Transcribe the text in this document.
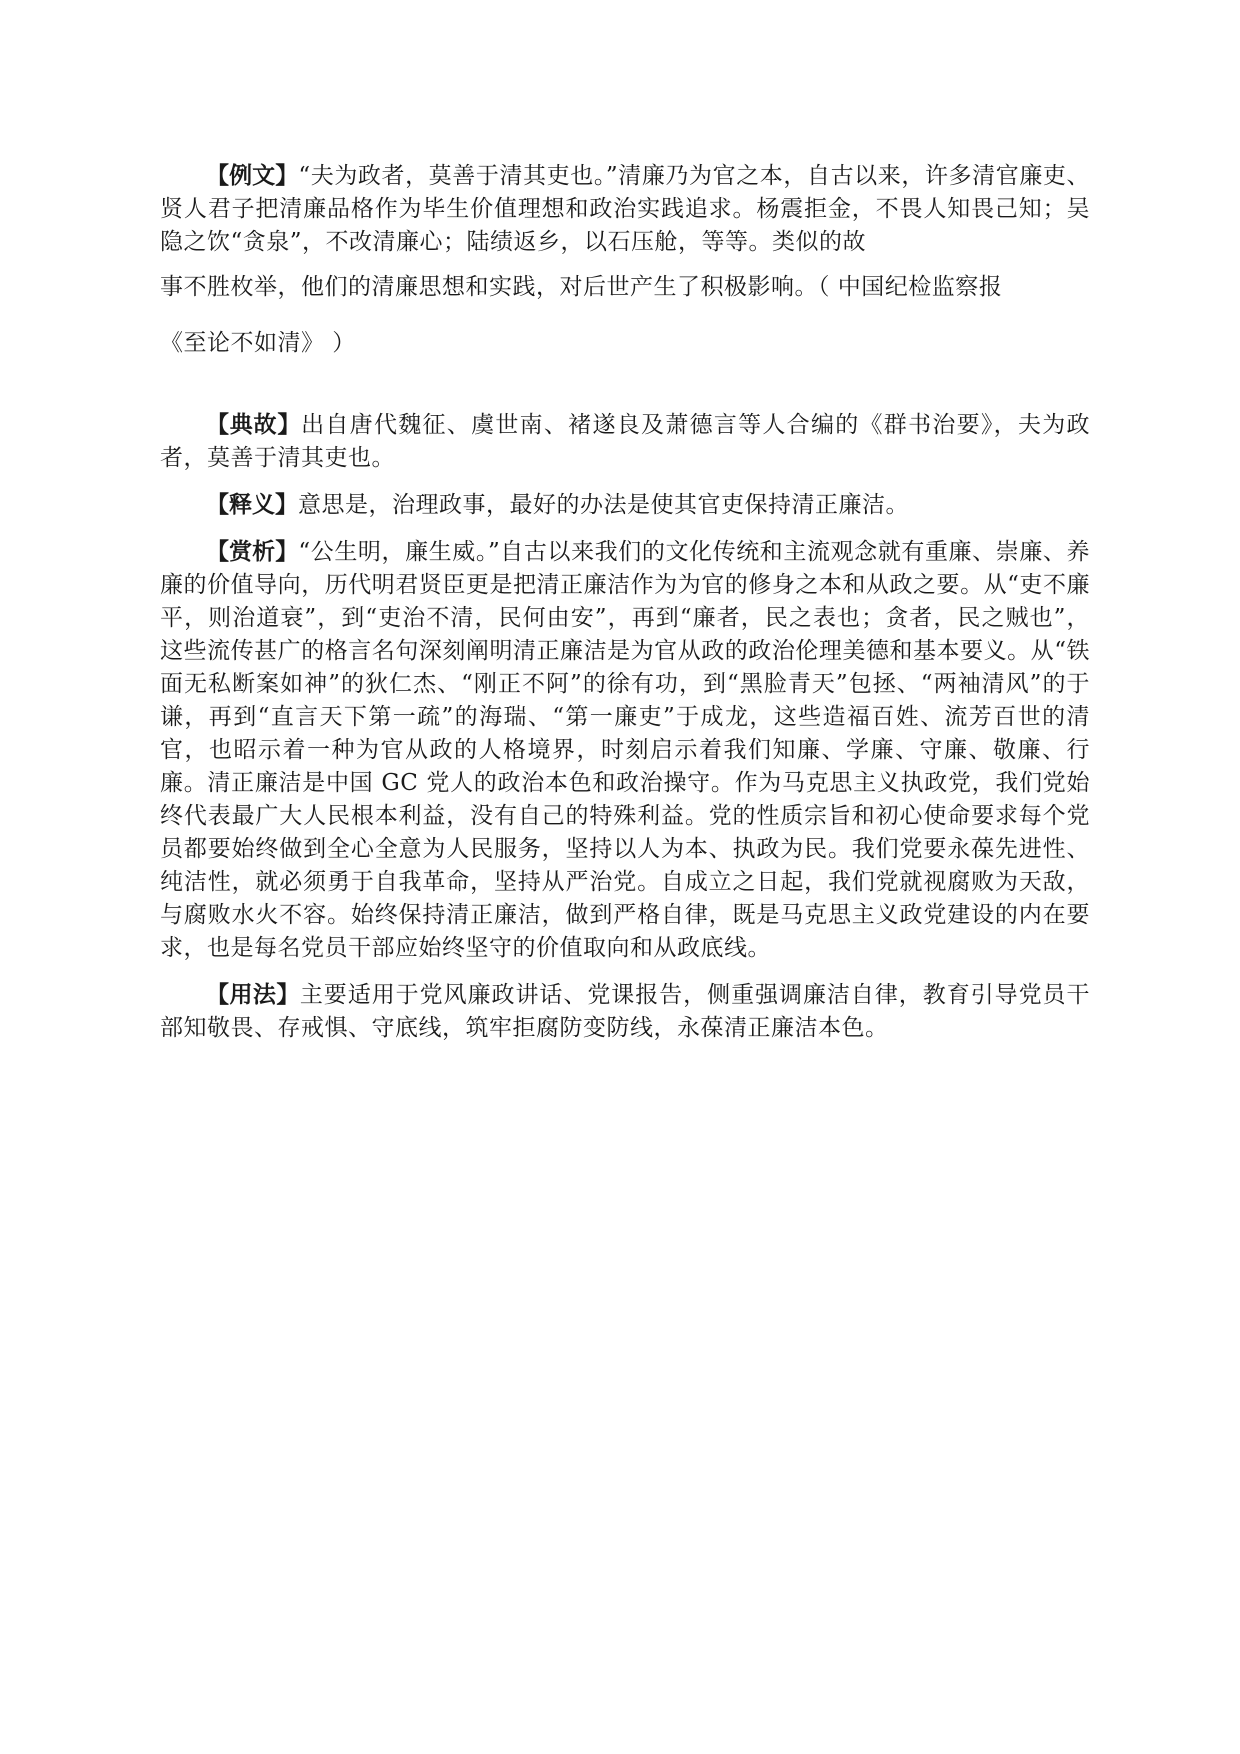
【例文】“夫为政者，莫善于清其吏也。”清廉乃为官之本，自古以来，许多清官廉吏、贤人君子把清廉品格作为毕生价值理想和政治实践追求。杨震拒金，不畏人知畏己知；吴隐之饮“贪泉”，不改清廉心；陆绩返乡，以石压舱，等等。类似的故

事不胜枚举，他们的清廉思想和实践，对后世产生了积极影响。（ 中国纪检监察报

《至论不如清》 ）

【典故】出自唐代魏征、虞世南、褚遂良及萧德言等人合编的《群书治要》，夫为政者，莫善于清其吏也。

【释义】意思是，治理政事，最好的办法是使其官吏保持清正廉洁。

【赏析】“公生明，廉生威。”自古以来我们的文化传统和主流观念就有重廉、崇廉、养廉的价值导向，历代明君贤臣更是把清正廉洁作为为官的修身之本和从政之要。从“吏不廉平，则治道衰”，到“吏治不清，民何由安”，再到“廉者，民之表也；贪者，民之贼也”，这些流传甚广的格言名句深刻阐明清正廉洁是为官从政的政治伦理美德和基本要义。从“铁面无私断案如神”的狄仁杰、“刚正不阿”的徐有功，到“黑脸青天”包拯、“两袖清风”的于谦，再到“直言天下第一疏”的海瑞、“第一廉吏”于成龙，这些造福百姓、流芳百世的清官，也昭示着一种为官从政的人格境界，时刻启示着我们知廉、学廉、守廉、敬廉、行廉。清正廉洁是中国 GC 党人的政治本色和政治操守。作为马克思主义执政党，我们党始终代表最广大人民根本利益，没有自己的特殊利益。党的性质宗旨和初心使命要求每个党员都要始终做到全心全意为人民服务，坚持以人为本、执政为民。我们党要永葆先进性、纯洁性，就必须勇于自我革命，坚持从严治党。自成立之日起，我们党就视腐败为天敌，与腐败水火不容。始终保持清正廉洁，做到严格自律，既是马克思主义政党建设的内在要求，也是每名党员干部应始终坚守的价值取向和从政底线。

【用法】主要适用于党风廉政讲话、党课报告，侧重强调廉洁自律，教育引导党员干部知敬畏、存戒惧、守底线，筑牢拒腐防变防线，永葆清正廉洁本色。
